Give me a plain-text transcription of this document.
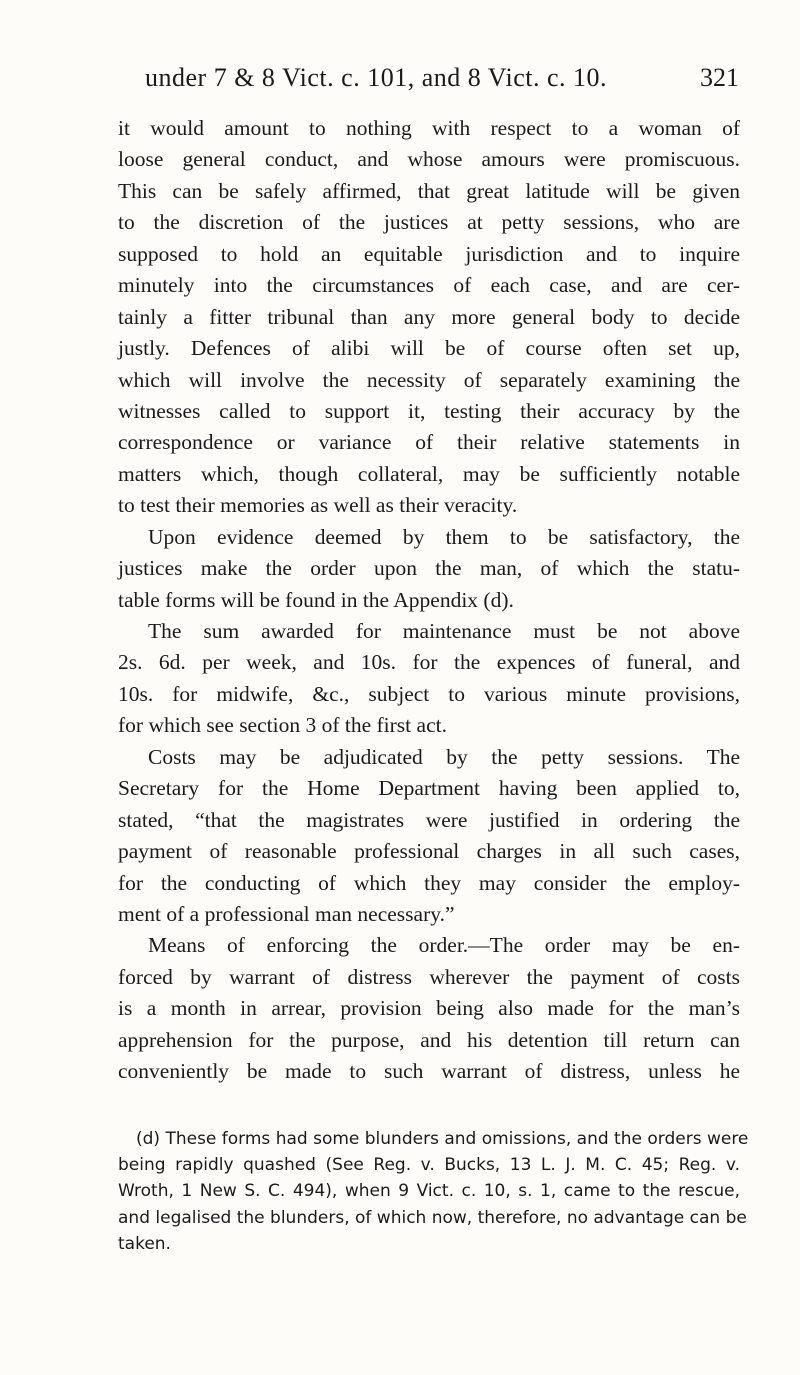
under 7 & 8 Vict. c. 101, and 8 Vict. c. 10.	321
it would amount to nothing with respect to a woman of
loose general conduct, and whose amours were promiscuous.
This can be safely affirmed, that great latitude will be given
to the discretion of the justices at petty sessions, who are
supposed to hold an equitable jurisdiction and to inquire
minutely into the circumstances of each case, and are cer-
tainly a fitter tribunal than any more general body to decide
justly. Defences of alibi will be of course often set up,
which will involve the necessity of separately examining the
witnesses called to support it, testing their accuracy by the
correspondence or variance of their relative statements in
matters which, though collateral, may be sufficiently notable
to test their memories as well as their veracity.
Upon evidence deemed by them to be satisfactory, the
justices make the order upon the man, of which the statu-
table forms will be found in the Appendix (d).
The sum awarded for maintenance must be not above
2s. 6d. per week, and 10s. for the expences of funeral, and
10s. for midwife, &c., subject to various minute provisions,
for which see section 3 of the first act.
Costs may be adjudicated by the petty sessions. The
Secretary for the Home Department having been applied to,
stated, “that the magistrates were justified in ordering the
payment of reasonable professional charges in all such cases,
for the conducting of which they may consider the employ-
ment of a professional man necessary.”
Means of enforcing the order.—The order may be en-
forced by warrant of distress wherever the payment of costs
is a month in arrear, provision being also made for the man’s
apprehension for the purpose, and his detention till return can
conveniently be made to such warrant of distress, unless he
(d) These forms had some blunders and omissions, and the orders were
being rapidly quashed (See Reg. v. Bucks, 13 L. J. M. C. 45; Reg. v.
Wroth, 1 New S. C. 494), when 9 Vict. c. 10, s. 1, came to the rescue,
and legalised the blunders, of which now, therefore, no advantage can be
taken.
